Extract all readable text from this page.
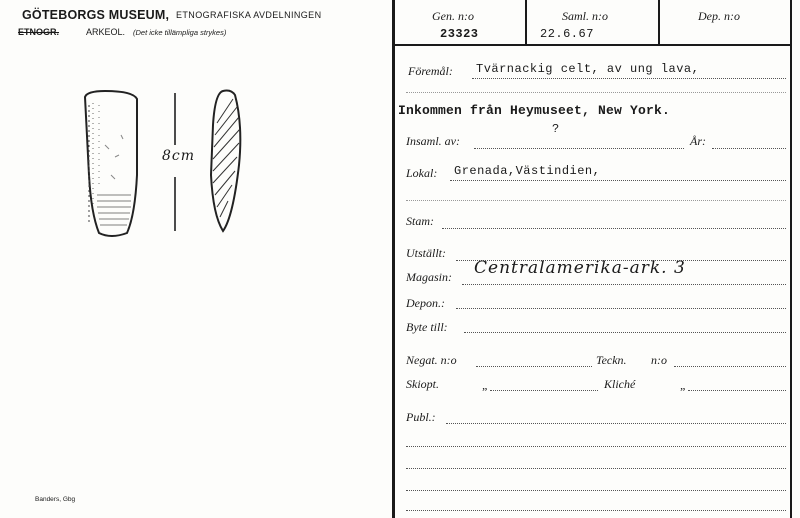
GÖTEBORGS MUSEUM, ETNOGRAFISKA AVDELNINGEN
ETNOGR.	ARKEOL. (Det icke tillämpliga strykes)
8cm
Banders, Gbg
Gen. n:o
23323
Saml. n:o
22.6.67
Dep. n:o
Föremål: Tvärnackig celt, av ung lava,
Inkommen från Heymuseet, New York.
Insaml. av:
?
År:
Lokal: Grenada,Västindien,
Stam:
Utställt:
Magasin: Centralamerika-ark. 3
Depon.:
Byte till:
Negat. n:o	Teckn. n:o
Skiopt.	„	Kliché	„
Publ.:
